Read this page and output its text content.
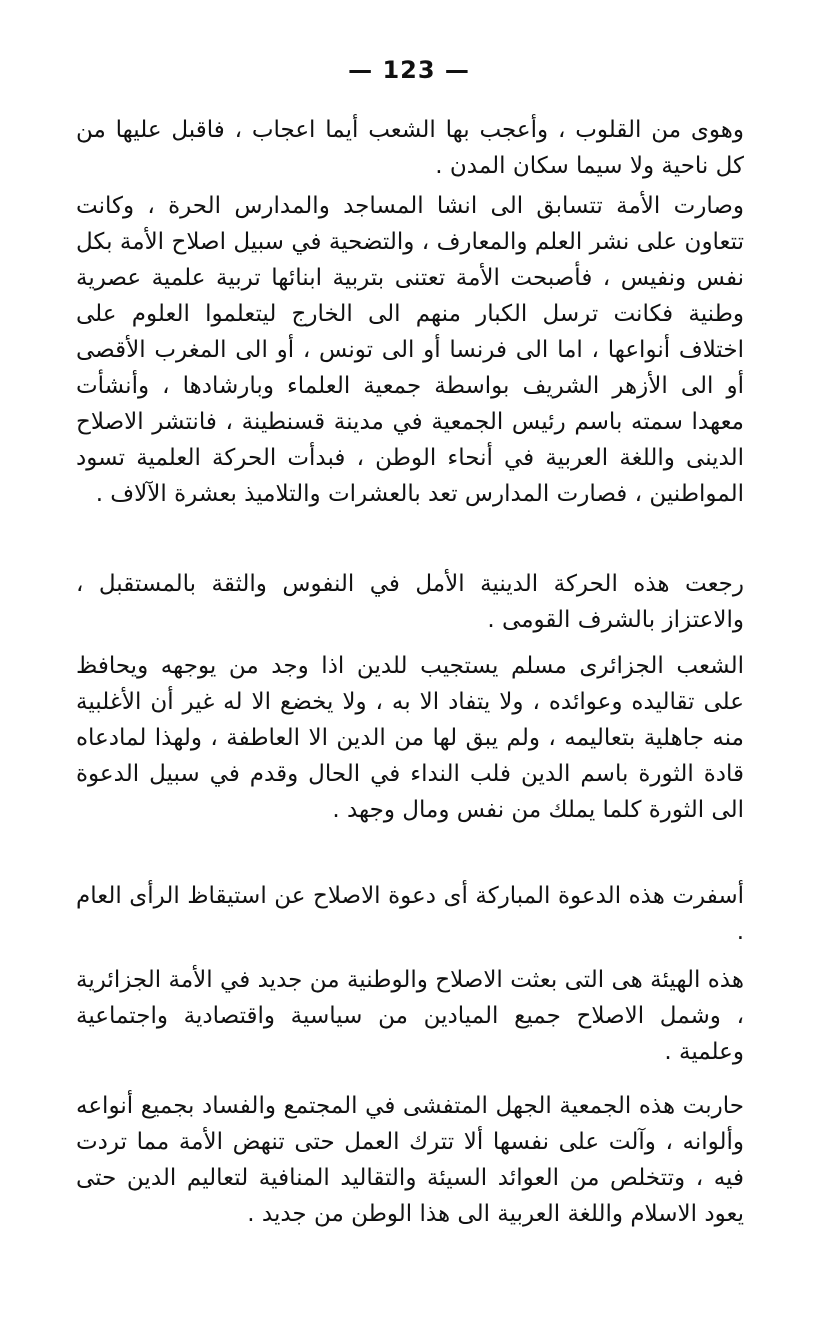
— 123 —

وهوى من القلوب ، وأعجب بها الشعب أيما اعجاب ، فاقبل عليها من كل ناحية ولا سيما سكان المدن .

وصارت الأمة تتسابق الى انشا المساجد والمدارس الحرة ، وكانت تتعاون على نشر العلم والمعارف ، والتضحية في سبيل اصلاح الأمة بكل نفس ونفيس ، فأصبحت الأمة تعتنى بتربية ابنائها تربية علمية عصرية وطنية فكانت ترسل الكبار منهم الى الخارج ليتعلموا العلوم على اختلاف أنواعها ، اما الى فرنسا أو الى تونس ، أو الى المغرب الأقصى أو الى الأزهر الشريف بواسطة جمعية العلماء وبارشادها ، وأنشأت معهدا سمته باسم رئيس الجمعية في مدينة قسنطينة ، فانتشر الاصلاح الدينى واللغة العربية في أنحاء الوطن ، فبدأت الحركة العلمية تسود المواطنين ، فصارت المدارس تعد بالعشرات والتلاميذ بعشرة الآلاف .

رجعت هذه الحركة الدينية الأمل في النفوس والثقة بالمستقبل ، والاعتزاز بالشرف القومى .

الشعب الجزائرى مسلم يستجيب للدين اذا وجد من يوجهه ويحافظ على تقاليده وعوائده ، ولا يتفاد الا به ، ولا يخضع الا له غير أن الأغلبية منه جاهلية بتعاليمه ، ولم يبق لها من الدين الا العاطفة ، ولهذا لمادعاه قادة الثورة باسم الدين فلب النداء في الحال وقدم في سبيل الدعوة الى الثورة كلما يملك من نفس ومال وجهد .

أسفرت هذه الدعوة المباركة أى دعوة الاصلاح عن استيقاظ الرأى العام .

هذه الهيئة هى التى بعثت الاصلاح والوطنية من جديد في الأمة الجزائرية ، وشمل الاصلاح جميع الميادين من سياسية واقتصادية واجتماعية وعلمية .

حاربت هذه الجمعية الجهل المتفشى في المجتمع والفساد بجميع أنواعه وألوانه ، وآلت على نفسها ألا تترك العمل حتى تنهض الأمة مما تردت فيه ، وتتخلص من العوائد السيئة والتقاليد المنافية لتعاليم الدين حتى يعود الاسلام واللغة العربية الى هذا الوطن من جديد .
